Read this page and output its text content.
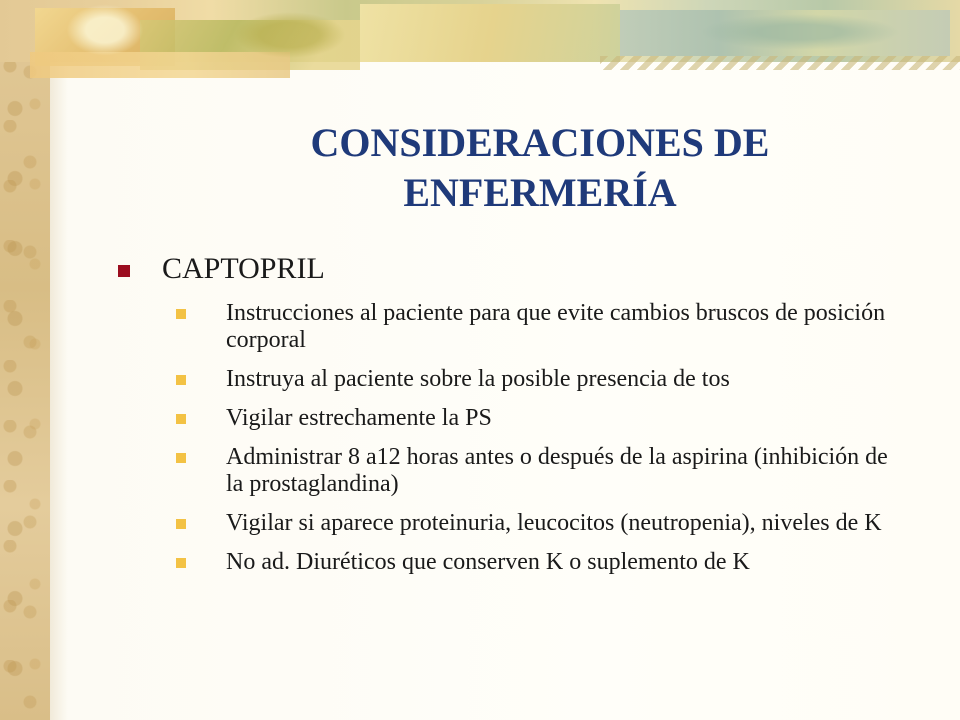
CONSIDERACIONES DE
ENFERMERÍA
CAPTOPRIL
Instrucciones al paciente para que evite cambios bruscos de posición corporal
Instruya al paciente sobre la posible presencia de tos
Vigilar estrechamente la PS
Administrar 8 a12 horas antes o después de la aspirina (inhibición de la prostaglandina)
Vigilar si aparece proteinuria, leucocitos (neutropenia), niveles de K
No ad. Diuréticos que conserven K o suplemento de K
